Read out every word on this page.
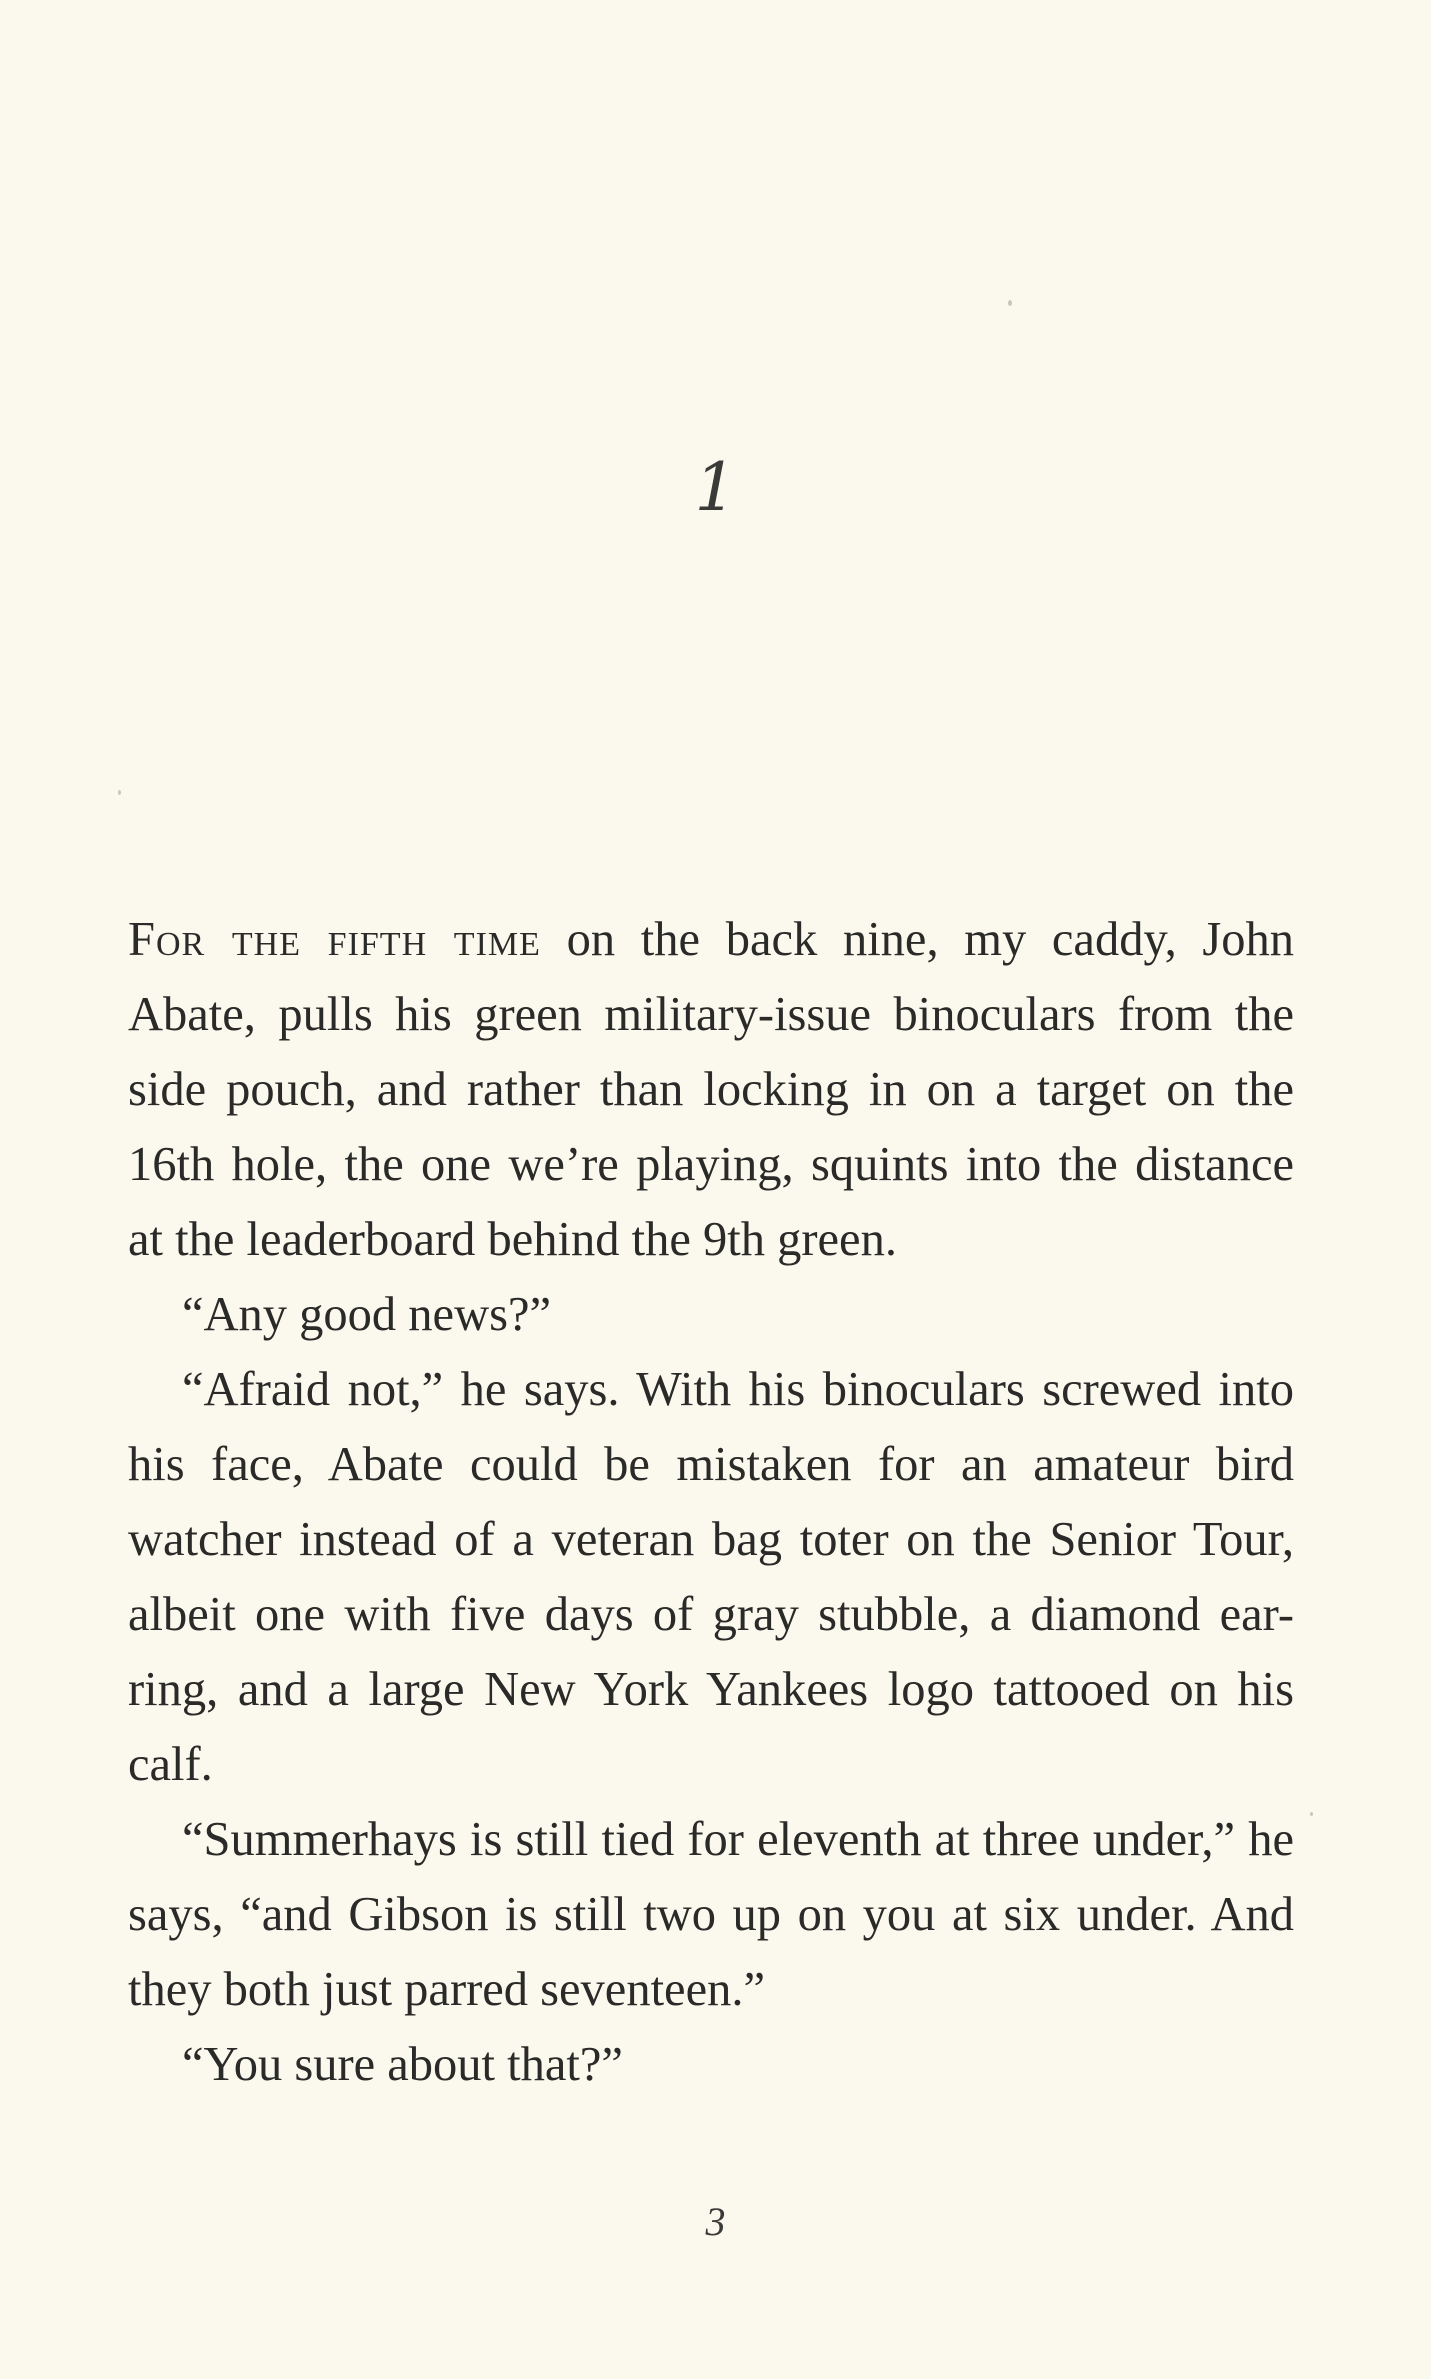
1

For the fifth time on the back nine, my caddy, John Abate, pulls his green military-issue binoculars from the side pouch, and rather than locking in on a target on the 16th hole, the one we’re playing, squints into the distance at the leaderboard behind the 9th green.

“Any good news?”

“Afraid not,” he says. With his binoculars screwed into his face, Abate could be mistaken for an amateur bird watcher instead of a veteran bag toter on the Senior Tour, albeit one with five days of gray stubble, a diamond ear-ring, and a large New York Yankees logo tattooed on his calf.

“Summerhays is still tied for eleventh at three under,” he says, “and Gibson is still two up on you at six under. And they both just parred seventeen.”

“You sure about that?”

3
